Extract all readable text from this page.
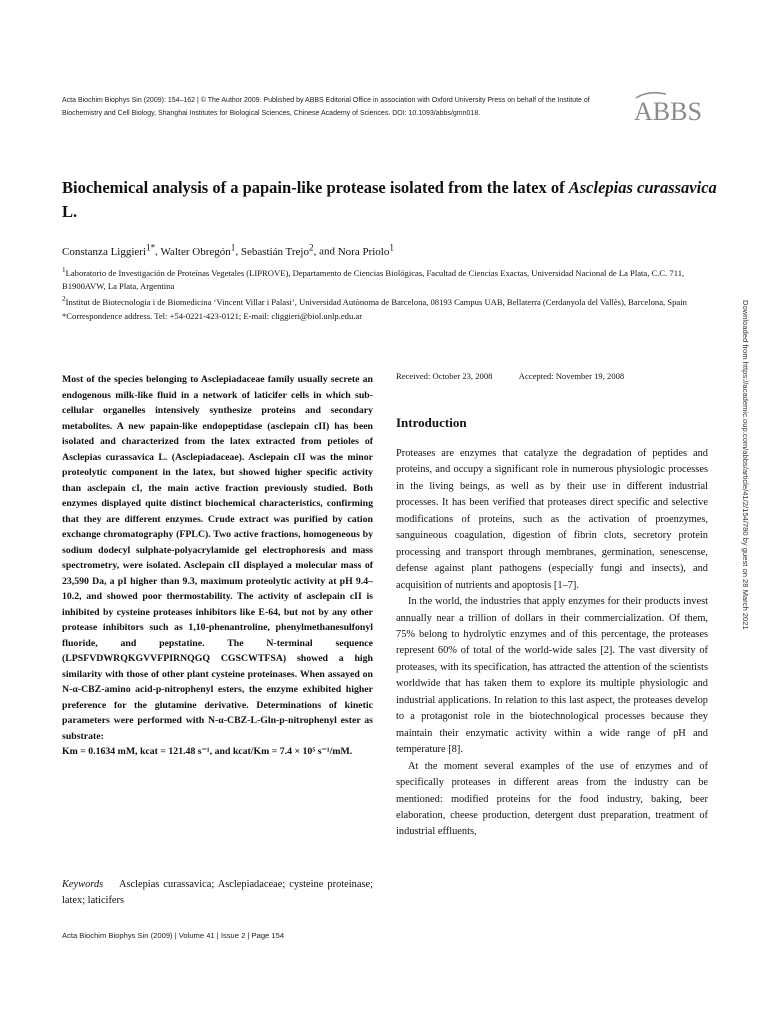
Acta Biochim Biophys Sin (2009): 154–162 | © The Author 2009. Published by ABBS Editorial Office in association with Oxford University Press on behalf of the Institute of Biochemistry and Cell Biology, Shanghai Institutes for Biological Sciences, Chinese Academy of Sciences. DOI: 10.1093/abbs/gmn018.	ABBS
Biochemical analysis of a papain-like protease isolated from the latex of Asclepias curassavica L.
Constanza Liggieri$^{1*}$, Walter Obregón$^1$, Sebastián Trejo$^2$, and Nora Priolo$^1$

$^1$Laboratorio de Investigación de Proteínas Vegetales (LIPROVE), Departamento de Ciencias Biológicas, Facultad de Ciencias Exactas, Universidad Nacional de La Plata, C.C. 711, B1900AVW, La Plata, Argentina

$^2$Institut de Biotecnologia i de Biomedicina ‘Vincent Villar i Palasi’, Universidad Autònoma de Barcelona, 08193 Campus UAB, Bellaterra (Cerdanyola del Vallès), Barcelona, Spain

*Correspondence address. Tel: +54-0221-423-0121; E-mail: cliggieri@biol.unlp.edu.ar

Most of the species belonging to Asclepiadaceae family usually secrete an endogenous milk-like fluid in a network of laticifer cells in which sub-cellular organelles intensively synthesize proteins and secondary metabolites. A new papain-like endopeptidase (asclepain cII) has been isolated and characterized from the latex extracted from petioles of Asclepias curassavica L. (Asclepiadaceae). Asclepain cII was the minor proteolytic component in the latex, but showed higher specific activity than asclepain cI, the main active fraction previously studied. Both enzymes displayed quite distinct biochemical characteristics, confirming that they are different enzymes. Crude extract was purified by cation exchange chromatography (FPLC). Two active fractions, homogeneous by sodium dodecyl sulphate-polyacrylamide gel electrophoresis and mass spectrometry, were isolated. Asclepain cII displayed a molecular mass of 23,590 Da, a pI higher than 9.3, maximum proteolytic activity at pH 9.4–10.2, and showed poor thermostability. The activity of asclepain cII is inhibited by cysteine proteases inhibitors like E-64, but not by any other protease inhibitors such as 1,10-phenantroline, phenylmethanesulfonyl fluoride, and pepstatine. The N-terminal sequence (LPSFVDWRQKGVVFPIRNQGQ CGSCWTFSA) showed a high similarity with those of other plant cysteine proteinases. When assayed on N-α-CBZ-amino acid-p-nitrophenyl esters, the enzyme exhibited higher preference for the glutamine derivative. Determinations of kinetic parameters were performed with N-α-CBZ-L-Gln-p-nitrophenyl ester as substrate:

Km = 0.1634 mM, kcat = 121.48 s⁻¹, and kcat/Km = 7.4 × 10⁵ s⁻¹/mM.

Keywords Asclepias curassavica; Asclepiadaceae; cysteine proteinase; latex; laticifers
Received: October 23, 2008	Accepted: November 19, 2008
Introduction

Proteases are enzymes that catalyze the degradation of peptides and proteins, and occupy a significant role in numerous physiologic processes in the living beings, as well as by their use in different industrial processes. It has been verified that proteases direct specific and selective modifications of proteins, such as the activation of proenzymes, sanguineous coagulation, digestion of fibrin clots, secretory protein processing and transport through membranes, germination, senescense, defense against plant pathogens (especially fungi and insects), and acquisition of nutrients and apoptosis [1–7].

In the world, the industries that apply enzymes for their products invest annually near a trillion of dollars in their commercialization. Of them, 75% belong to hydrolytic enzymes and of this percentage, the proteases represent 60% of total of the world-wide sales [2]. The vast diversity of proteases, with its specification, has attracted the attention of the scientists worldwide that has taken them to explore its multiple physiologic and industrial applications. In relation to this last aspect, the proteases develop to a protagonist role in the biotechnological processes because they maintain their enzymatic activity within a wide range of pH and temperature [8].

At the moment several examples of the use of enzymes and of specifically proteases in different areas from the industry can be mentioned: modified proteins for the food industry, baking, beer elaboration, cheese production, detergent dust preparation, treatment of industrial effluents,

Acta Biochim Biophys Sin (2009) | Volume 41 | Issue 2 | Page 154
Downloaded from https://academic.oup.com/abbs/article/41/2/154/780 by guest on 28 March 2021
